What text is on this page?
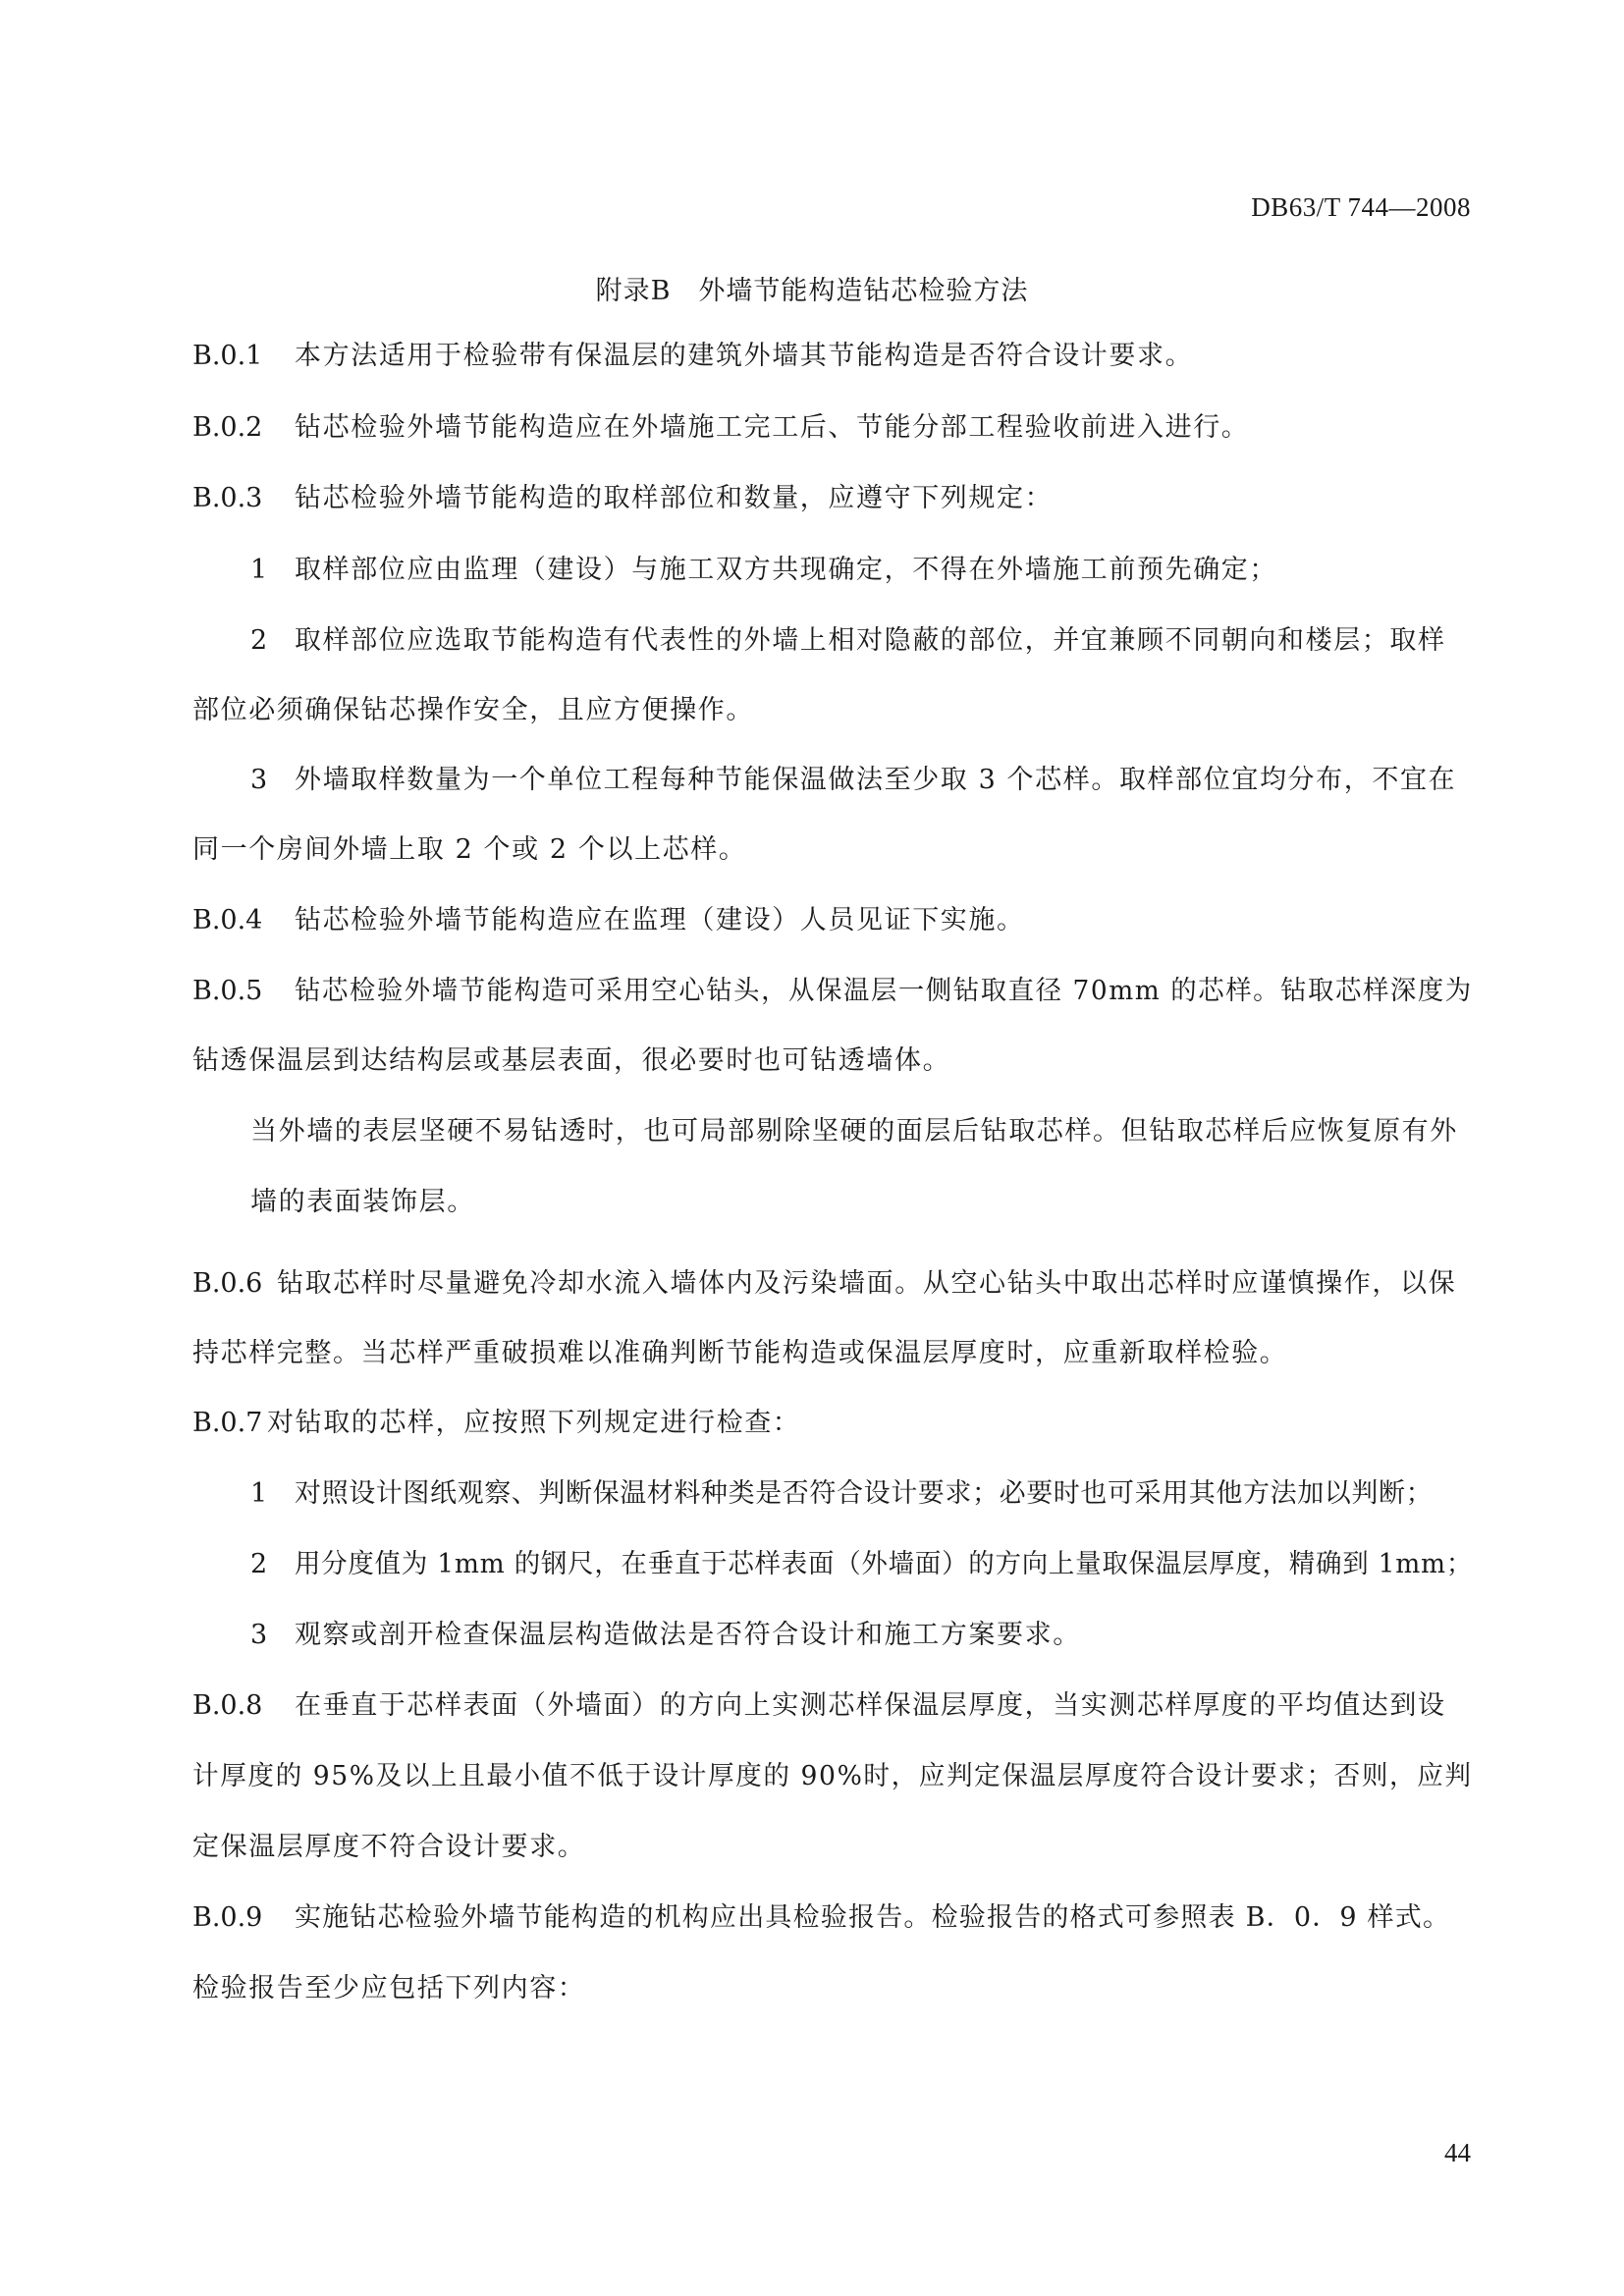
DB63/T 744—2008
附录B　外墙节能构造钻芯检验方法
B.0.1 本方法适用于检验带有保温层的建筑外墙其节能构造是否符合设计要求。
B.0.2 钻芯检验外墙节能构造应在外墙施工完工后、节能分部工程验收前进入进行。
B.0.3 钻芯检验外墙节能构造的取样部位和数量，应遵守下列规定：
1 取样部位应由监理（建设）与施工双方共现确定，不得在外墙施工前预先确定；
2 取样部位应选取节能构造有代表性的外墙上相对隐蔽的部位，并宜兼顾不同朝向和楼层；取样
部位必须确保钻芯操作安全，且应方便操作。
3 外墙取样数量为一个单位工程每种节能保温做法至少取 3 个芯样。取样部位宜均分布，不宜在
同一个房间外墙上取 2 个或 2 个以上芯样。
B.0.4 钻芯检验外墙节能构造应在监理（建设）人员见证下实施。
B.0.5 钻芯检验外墙节能构造可采用空心钻头，从保温层一侧钻取直径 70mm 的芯样。钻取芯样深度为
钻透保温层到达结构层或基层表面，很必要时也可钻透墙体。
当外墙的表层坚硬不易钻透时，也可局部剔除坚硬的面层后钻取芯样。但钻取芯样后应恢复原有外
墙的表面装饰层。
B.0.6 钻取芯样时尽量避免冷却水流入墙体内及污染墙面。从空心钻头中取出芯样时应谨慎操作，以保
持芯样完整。当芯样严重破损难以准确判断节能构造或保温层厚度时，应重新取样检验。
B.0.7 对钻取的芯样，应按照下列规定进行检查：
1 对照设计图纸观察、判断保温材料种类是否符合设计要求；必要时也可采用其他方法加以判断；
2 用分度值为 1mm 的钢尺，在垂直于芯样表面（外墙面）的方向上量取保温层厚度，精确到 1mm；
3 观察或剖开检查保温层构造做法是否符合设计和施工方案要求。
B.0.8 在垂直于芯样表面（外墙面）的方向上实测芯样保温层厚度，当实测芯样厚度的平均值达到设
计厚度的 95%及以上且最小值不低于设计厚度的 90%时，应判定保温层厚度符合设计要求；否则，应判
定保温层厚度不符合设计要求。
B.0.9 实施钻芯检验外墙节能构造的机构应出具检验报告。检验报告的格式可参照表 B．0．9 样式。
检验报告至少应包括下列内容：
44
